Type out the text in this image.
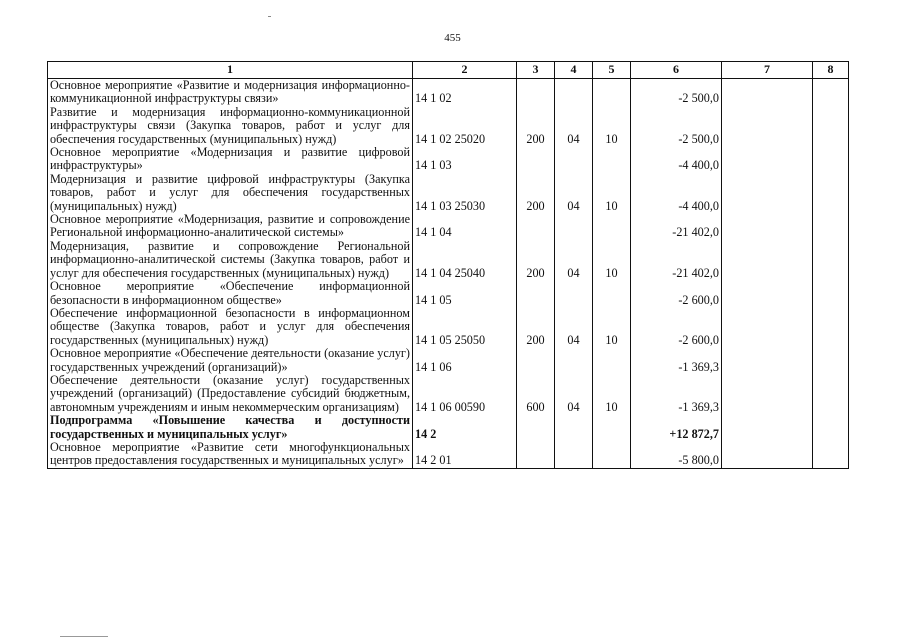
455
1	2	3	4	5	6	7	8
Основное мероприятие «Развитие и модернизация информационно-коммуникационной инфраструктуры связи»	14 1 02				-2 500,0		
Развитие и модернизация информационно-коммуникационной инфраструктуры связи (Закупка товаров, работ и услуг для обеспечения государственных (муниципальных) нужд)	14 1 02 25020	200	04	10	-2 500,0		
Основное мероприятие «Модернизация и развитие цифровой инфраструктуры»	14 1 03				-4 400,0		
Модернизация и развитие цифровой инфраструктуры (Закупка товаров, работ и услуг для обеспечения государственных (муниципальных) нужд)	14 1 03 25030	200	04	10	-4 400,0		
Основное мероприятие «Модернизация, развитие и сопровождение Региональной информационно-аналитической системы»	14 1 04				-21 402,0		
Модернизация, развитие и сопровождение Региональной информационно-аналитической системы (Закупка товаров, работ и услуг для обеспечения государственных (муниципальных) нужд)	14 1 04 25040	200	04	10	-21 402,0		
Основное мероприятие «Обеспечение информационной безопасности в информационном обществе»	14 1 05				-2 600,0		
Обеспечение информационной безопасности в информационном обществе (Закупка товаров, работ и услуг для обеспечения государственных (муниципальных) нужд)	14 1 05 25050	200	04	10	-2 600,0		
Основное мероприятие «Обеспечение деятельности (оказание услуг) государственных учреждений (организаций)»	14 1 06				-1 369,3		
Обеспечение деятельности (оказание услуг) государственных учреждений (организаций) (Предоставление субсидий бюджетным, автономным учреждениям и иным некоммерческим организациям)	14 1 06 00590	600	04	10	-1 369,3		
Подпрограмма «Повышение качества и доступности государственных и муниципальных услуг»	14 2				+12 872,7		
Основное мероприятие «Развитие сети многофункциональных центров предоставления государственных и муниципальных услуг»	14 2 01				-5 800,0		
